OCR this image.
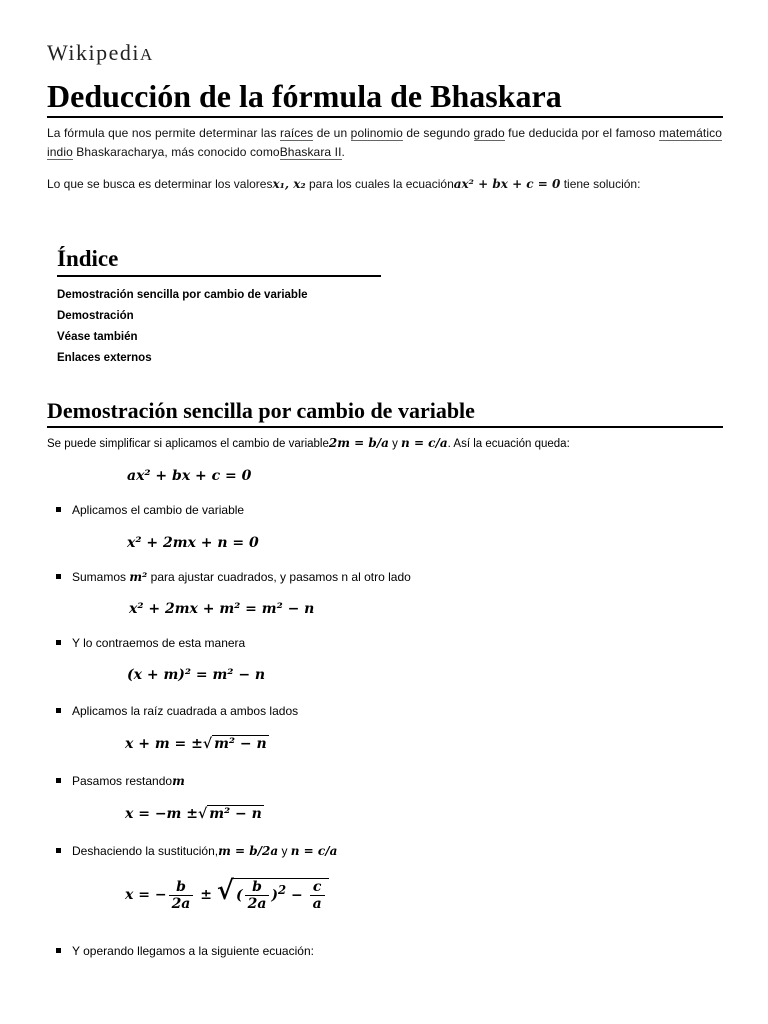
WikipediA
Deducción de la fórmula de Bhaskara
La fórmula que nos permite determinar las raíces de un polinomio de segundo grado fue deducida por el famoso matemático indio Bhaskaracharya, más conocido comoBhaskara II.
Lo que se busca es determinar los valoresx₁, x₂ para los cuales la ecuaciónax² + bx + c = 0 tiene solución:
Índice
Demostración sencilla por cambio de variable
Demostración
Véase también
Enlaces externos
Demostración sencilla por cambio de variable
Se puede simplificar si aplicamos el cambio de variable2m = b/a y n = c/a. Así la ecuación queda:
ax² + bx + c = 0
Aplicamos el cambio de variable
x² + 2mx + n = 0
Sumamos m² para ajustar cuadrados, y pasamos n al otro lado
x² + 2mx + m² = m² − n
Y lo contraemos de esta manera
(x + m)² = m² − n
Aplicamos la raíz cuadrada a ambos lados
x + m = ±√ m² − n
Pasamos restandom
x = −m ±√ m² − n
Deshaciendo la sustitución,m = b/2a y n = c/a
x = − $\frac{b}{2a}$ ± √ ( $\frac{b}{2a} )^2 - \frac{c}{a}$
Y operando llegamos a la siguiente ecuación:
